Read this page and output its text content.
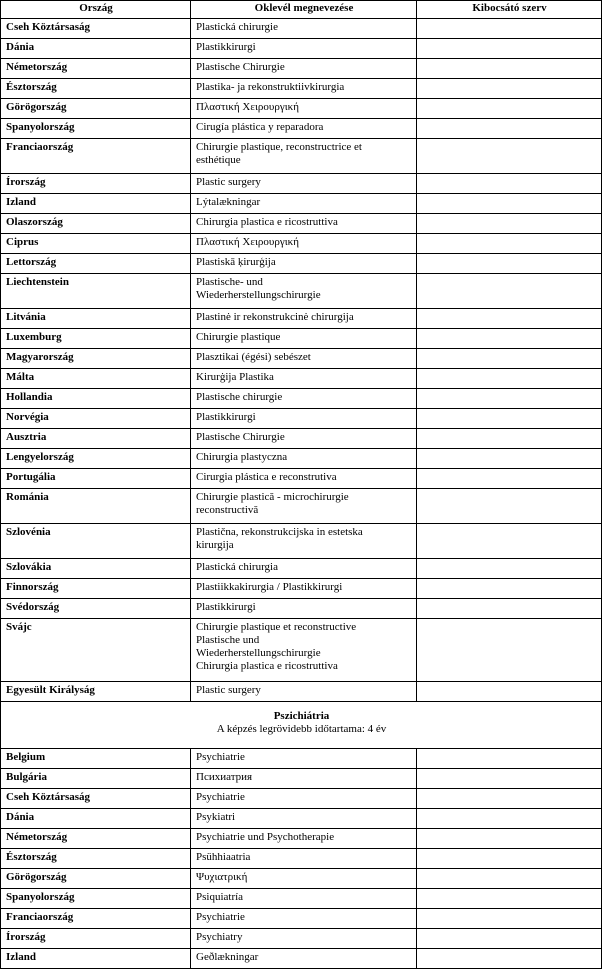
Ország	Oklevél megnevezése	Kibocsátó szerv
Cseh Köztársaság	Plastická chirurgie	
Dánia	Plastikkirurgi	
Németország	Plastische Chirurgie	
Észtország	Plastika- ja rekonstruktiivkirurgia	
Görögország	Πλαστική Χειρουργική	
Spanyolország	Cirugía plástica y reparadora	
Franciaország	Chirurgie plastique, reconstructrice et
esthétique	
Írország	Plastic surgery	
Izland	Lýtalækningar	
Olaszország	Chirurgia plastica e ricostruttiva	
Ciprus	Πλαστική Χειρουργική	
Lettország	Plastiskā ķirurģija	
Liechtenstein	Plastische- und
Wiederherstellungschirurgie	
Litvánia	Plastinė ir rekonstrukcinė chirurgija	
Luxemburg	Chirurgie plastique	
Magyarország	Plasztikai (égési) sebészet	
Málta	Kirurġija Plastika	
Hollandia	Plastische chirurgie	
Norvégia	Plastikkirurgi	
Ausztria	Plastische Chirurgie	
Lengyelország	Chirurgia plastyczna	
Portugália	Cirurgia plástica e reconstrutiva	
Románia	Chirurgie plastică - microchirurgie
reconstructivă	
Szlovénia	Plastična, rekonstrukcijska in estetska
kirurgija	
Szlovákia	Plastická chirurgia	
Finnország	Plastiikkakirurgia / Plastikkirurgi	
Svédország	Plastikkirurgi	
Svájc	Chirurgie plastique et reconstructive
Plastische und
Wiederherstellungschirurgie
Chirurgia plastica e ricostruttiva	
Egyesült Királyság	Plastic surgery	

Pszichiátria
A képzés legrövidebb időtartama: 4 év		

Belgium	Psychiatrie	
Bulgária	Психиатрия	
Cseh Köztársaság	Psychiatrie	
Dánia	Psykiatri	
Németország	Psychiatrie und Psychotherapie	
Észtország	Psühhiaatria	
Görögország	Ψυχιατρική	
Spanyolország	Psiquiatría	
Franciaország	Psychiatrie	
Írország	Psychiatry	
Izland	Geðlækningar	
